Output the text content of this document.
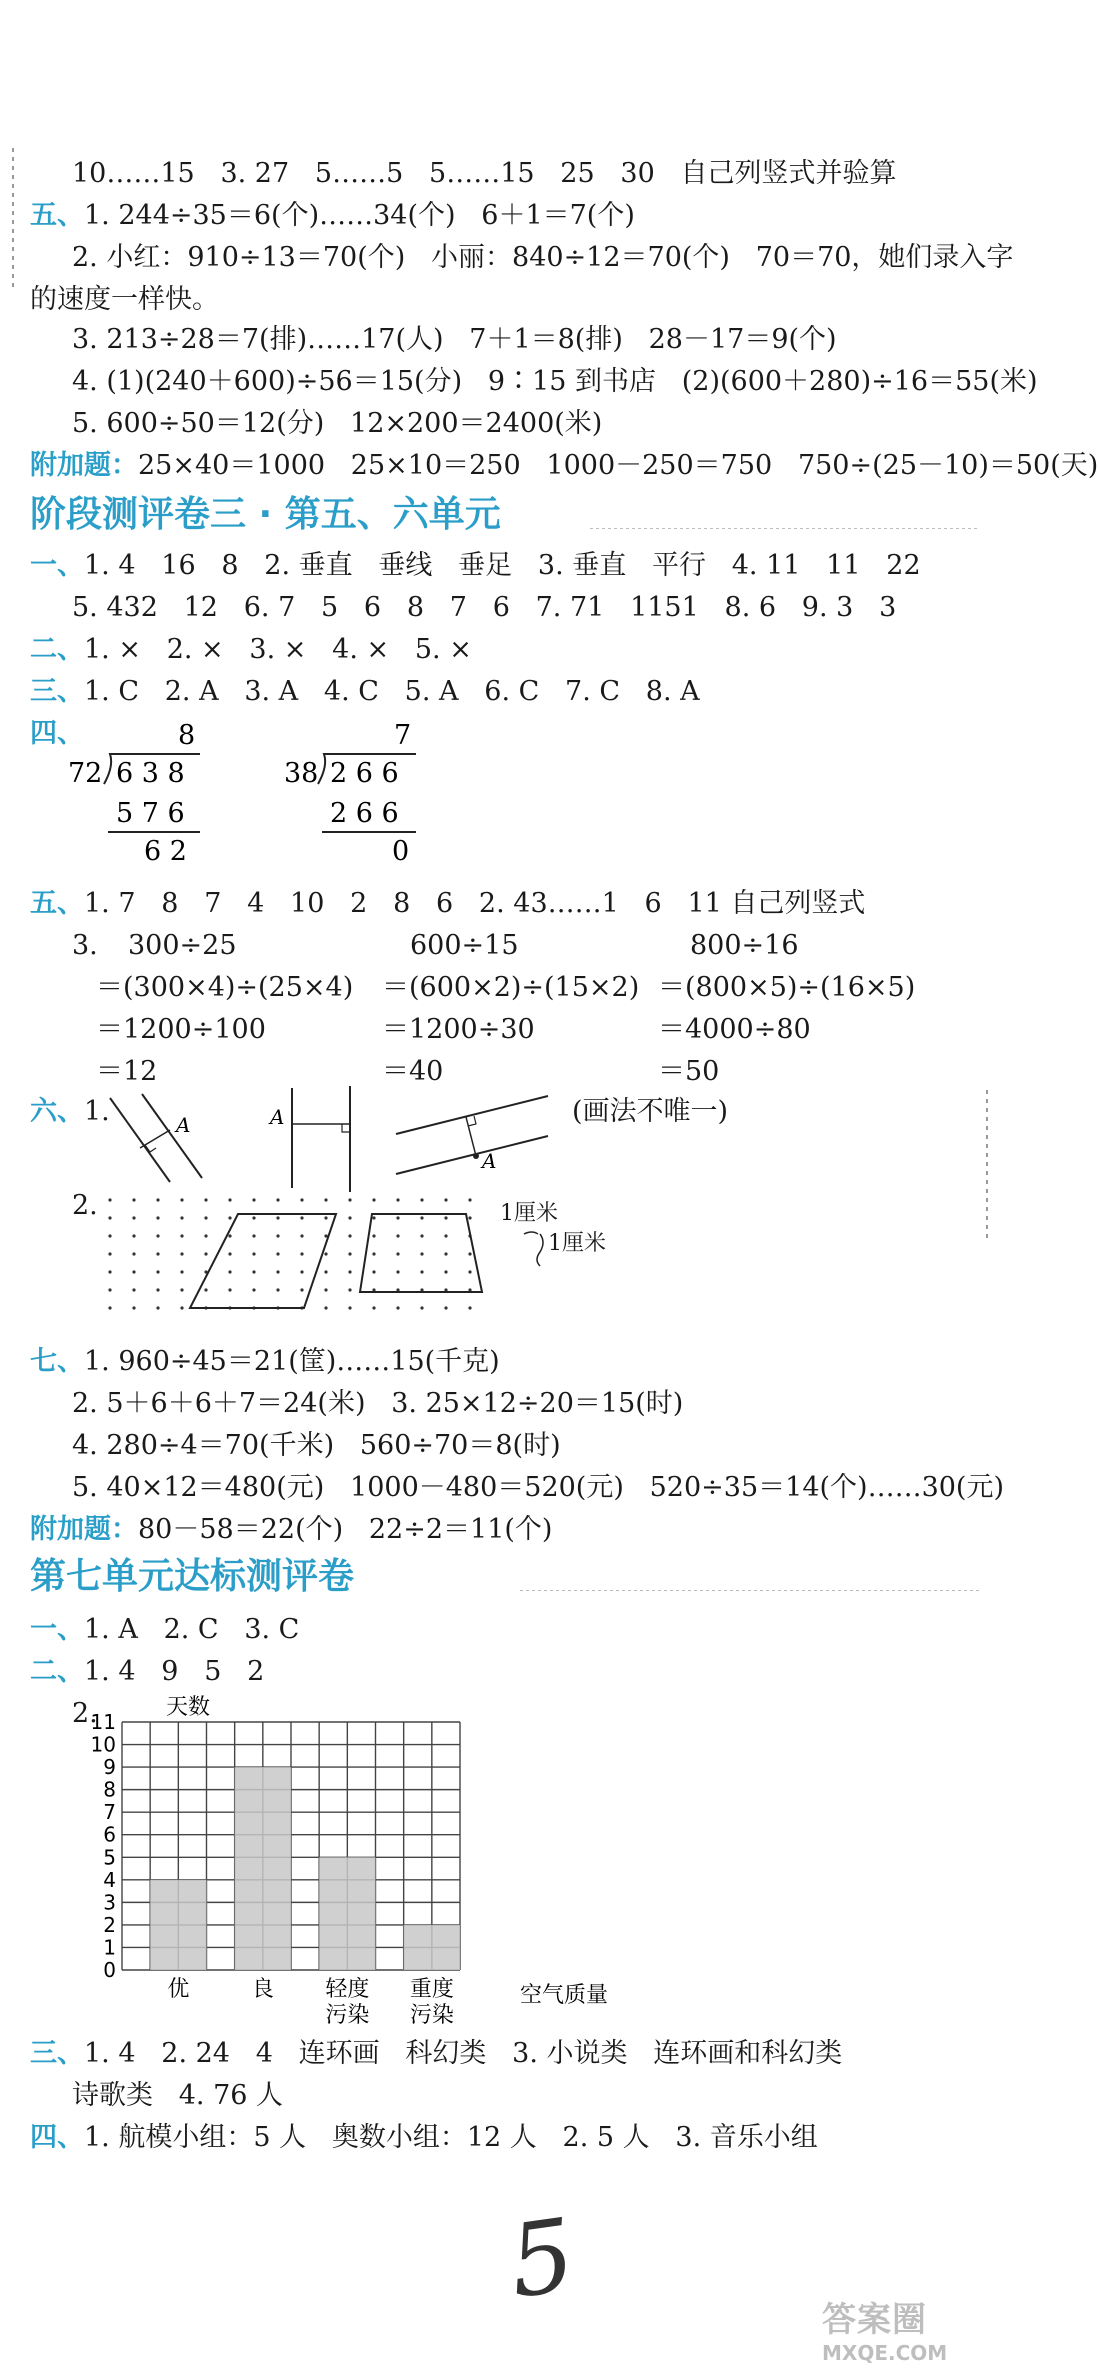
10……15   3. 27   5……5   5……15   25   30   自己列竖式并验算
五、1. 244÷35＝6(个)……34(个)   6＋1＝7(个)
2. 小红：910÷13＝70(个)   小丽：840÷12＝70(个)   70＝70，她们录入字
的速度一样快。
3. 213÷28＝7(排)……17(人)   7＋1＝8(排)   28－17＝9(个)
4. (1)(240＋600)÷56＝15(分)   9∶15 到书店   (2)(600＋280)÷16＝55(米)
5. 600÷50＝12(分)   12×200＝2400(米)
附加题：25×40＝1000   25×10＝250   1000－250＝750   750÷(25－10)＝50(天)
阶段测评卷三 · 第五、六单元
一、1. 4   16   8   2. 垂直   垂线   垂足   3. 垂直   平行   4. 11   11   22
5. 432   12   6. 7   5   6   8   7   6   7. 71   1151   8. 6   9. 3   3
二、1. ×   2. ×   3. ×   4. ×   5. ×
三、1. C   2. A   3. A   4. C   5. A   6. C   7. C   8. A
四、	8
72 6 3 8
5 7 6
6 2
7
38 2 6 6
2 6 6
0
五、1. 7   8   7   4   10   2   8   6   2. 43……1   6   11 自己列竖式
3. 300÷25
＝(300×4)÷(25×4)
＝1200÷100
＝12
600÷15
＝(600×2)÷(15×2)
＝1200÷30
＝40
800÷16
＝(800×5)÷(16×5)
＝4000÷80
＝50
六、1.	A	A
A
(画法不唯一)
2.	1厘米
1厘米
七、1. 960÷45＝21(筐)……15(千克)
2. 5＋6＋6＋7＝24(米)   3. 25×12÷20＝15(时)
4. 280÷4＝70(千米)   560÷70＝8(时)
5. 40×12＝480(元)   1000－480＝520(元)   520÷35＝14(个)……30(元)
附加题：80－58＝22(个)   22÷2＝11(个)
第七单元达标测评卷
一、1. A   2. C   3. C
二、1. 4   9   5   2
2.
0
1
2
3
4
5
6
7
8
9
10
11
优	良 轻度
污染
重度
污染
天数
空气质量
三、1. 4   2. 24   4   连环画   科幻类   3. 小说类   连环画和科幻类
诗歌类   4. 76 人
四、1. 航模小组：5 人   奥数小组：12 人   2. 5 人   3. 音乐小组
5	答案圈
MXQE.COM
